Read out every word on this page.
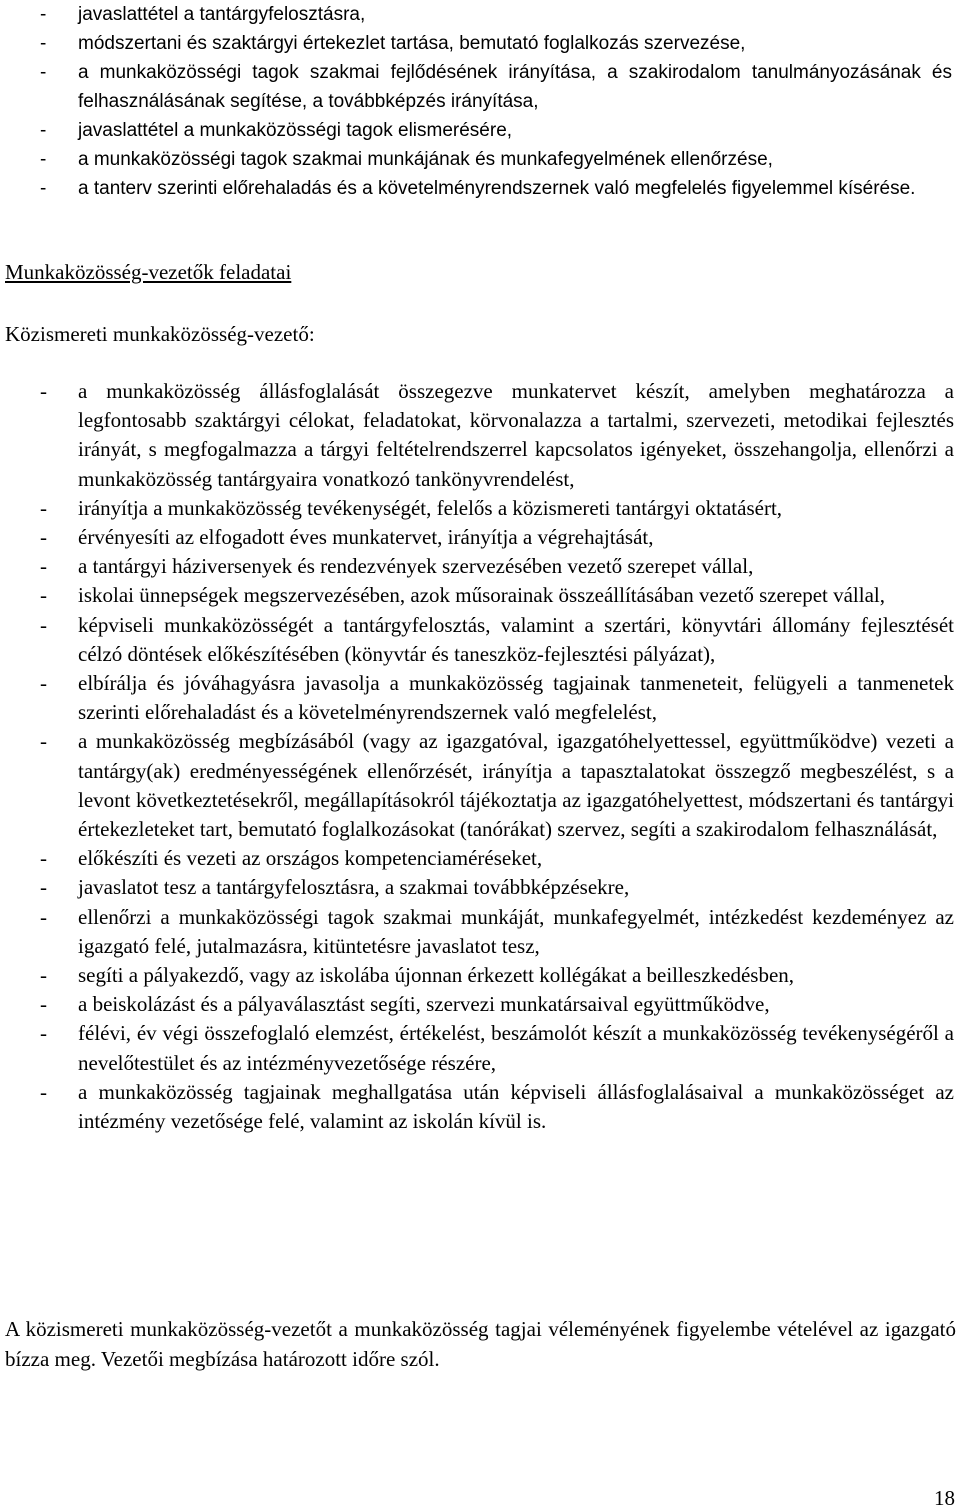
- javaslattétel a tantárgyfelosztásra,
- módszertani és szaktárgyi értekezlet tartása, bemutató foglalkozás szervezése,
- a munkaközösségi tagok szakmai fejlődésének irányítása, a szakirodalom tanulmányozásának és felhasználásának segítése, a továbbképzés irányítása,
- javaslattétel a munkaközösségi tagok elismerésére,
- a munkaközösségi tagok szakmai munkájának és munkafegyelmének ellenőrzése,
- a tanterv szerinti előrehaladás és a követelményrendszernek való megfelelés figyelemmel kísérése.
Munkaközösség-vezetők feladatai
Közismereti munkaközösség-vezető:
- a munkaközösség állásfoglalását összegezve munkatervet készít, amelyben meghatározza a legfontosabb szaktárgyi célokat, feladatokat, körvonalazza a tartalmi, szervezeti, metodikai fejlesztés irányát, s megfogalmazza a tárgyi feltételrendszerrel kapcsolatos igényeket, összehangolja, ellenőrzi a munkaközösség tantárgyaira vonatkozó tankönyvrendelést,
- irányítja a munkaközösség tevékenységét, felelős a közismereti tantárgyi oktatásért,
- érvényesíti az elfogadott éves munkatervet, irányítja a végrehajtását,
- a tantárgyi háziversenyek és rendezvények szervezésében vezető szerepet vállal,
- iskolai ünnepségek megszervezésében, azok műsorainak összeállításában vezető szerepet vállal,
- képviseli munkaközösségét a tantárgyfelosztás, valamint a szertári, könyvtári állomány fejlesztését célzó döntések előkészítésében (könyvtár és taneszköz-fejlesztési pályázat),
- elbírálja és jóváhagyásra javasolja a munkaközösség tagjainak tanmeneteit, felügyeli a tanmenetek szerinti előrehaladást és a követelményrendszernek való megfelelést,
- a munkaközösség megbízásából (vagy az igazgatóval, igazgatóhelyettessel, együttműködve) vezeti a tantárgy(ak) eredményességének ellenőrzését, irányítja a tapasztalatokat összegző megbeszélést, s a levont következtetésekről, megállapításokról tájékoztatja az igazgatóhelyettest, módszertani és tantárgyi értekezleteket tart, bemutató foglalkozásokat (tanórákat) szervez, segíti a szakirodalom felhasználását,
- előkészíti és vezeti az országos kompetenciaméréseket,
- javaslatot tesz a tantárgyfelosztásra, a szakmai továbbképzésekre,
- ellenőrzi a munkaközösségi tagok szakmai munkáját, munkafegyelmét, intézkedést kezdeményez az igazgató felé, jutalmazásra, kitüntetésre javaslatot tesz,
- segíti a pályakezdő, vagy az iskolába újonnan érkezett kollégákat a beilleszkedésben,
- a beiskolázást és a pályaválasztást segíti, szervezi munkatársaival együttműködve,
- félévi, év végi összefoglaló elemzést, értékelést, beszámolót készít a munkaközösség tevékenységéről a nevelőtestület és az intézményvezetősége részére,
- a munkaközösség tagjainak meghallgatása után képviseli állásfoglalásaival a munkaközösséget az intézmény vezetősége felé, valamint az iskolán kívül is.

A közismereti munkaközösség-vezetőt a munkaközösség tagjai véleményének figyelembe vételével az igazgató bízza meg. Vezetői megbízása határozott időre szól.

18
